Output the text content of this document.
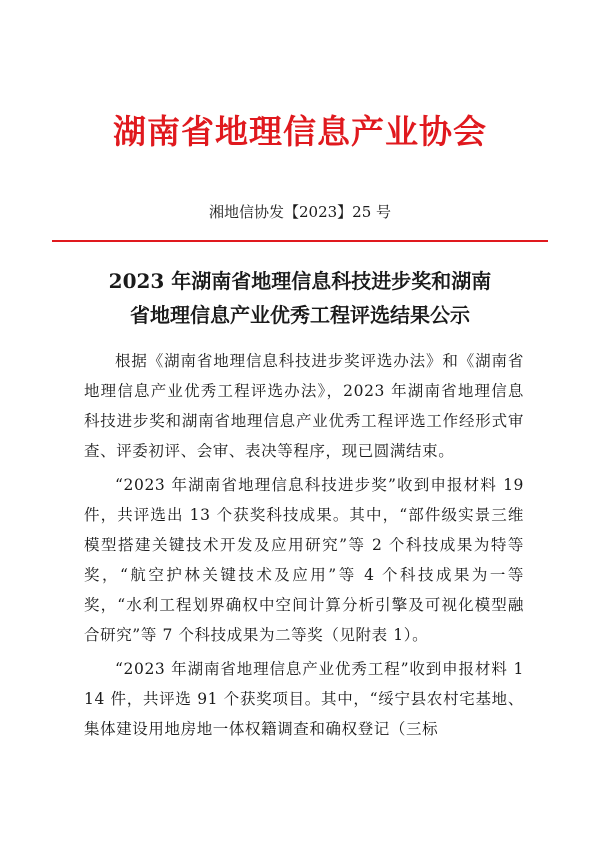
湖南省地理信息产业协会
湘地信协发【2023】25 号
2023 年湖南省地理信息科技进步奖和湖南
省地理信息产业优秀工程评选结果公示

根据《湖南省地理信息科技进步奖评选办法》和《湖南省地理信息产业优秀工程评选办法》，2023 年湖南省地理信息科技进步奖和湖南省地理信息产业优秀工程评选工作经形式审查、评委初评、会审、表决等程序，现已圆满结束。

“2023 年湖南省地理信息科技进步奖”收到申报材料 19 件，共评选出 13 个获奖科技成果。其中，“部件级实景三维模型搭建关键技术开发及应用研究”等 2 个科技成果为特等奖，“航空护林关键技术及应用”等 4 个科技成果为一等奖，“水利工程划界确权中空间计算分析引擎及可视化模型融合研究”等 7 个科技成果为二等奖（见附表 1）。

“2023 年湖南省地理信息产业优秀工程”收到申报材料 114 件，共评选 91 个获奖项目。其中，“绥宁县农村宅基地、集体建设用地房地一体权籍调查和确权登记（三标
